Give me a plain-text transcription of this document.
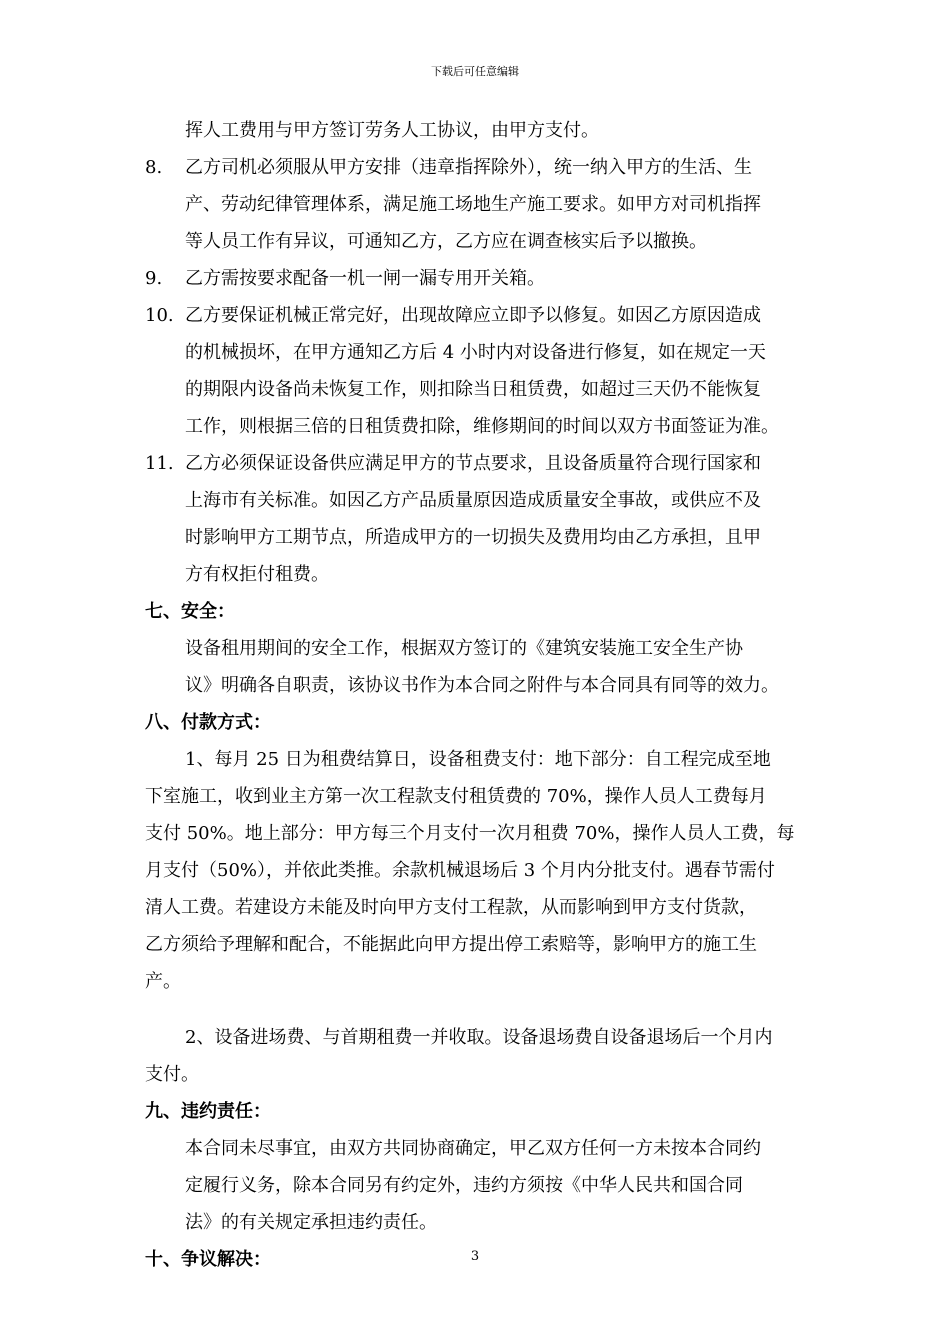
下载后可任意编辑
挥人工费用与甲方签订劳务人工协议，由甲方支付。
8. 乙方司机必须服从甲方安排（违章指挥除外），统一纳入甲方的生活、生
产、劳动纪律管理体系，满足施工场地生产施工要求。如甲方对司机指挥
等人员工作有异议，可通知乙方，乙方应在调查核实后予以撤换。
9. 乙方需按要求配备一机一闸一漏专用开关箱。
10. 乙方要保证机械正常完好，出现故障应立即予以修复。如因乙方原因造成
的机械损坏，在甲方通知乙方后 4 小时内对设备进行修复，如在规定一天
的期限内设备尚未恢复工作，则扣除当日租赁费，如超过三天仍不能恢复
工作，则根据三倍的日租赁费扣除，维修期间的时间以双方书面签证为准。
11. 乙方必须保证设备供应满足甲方的节点要求，且设备质量符合现行国家和
上海市有关标准。如因乙方产品质量原因造成质量安全事故，或供应不及
时影响甲方工期节点，所造成甲方的一切损失及费用均由乙方承担，且甲
方有权拒付租费。
七、安全：
设备租用期间的安全工作，根据双方签订的《建筑安装施工安全生产协
议》明确各自职责，该协议书作为本合同之附件与本合同具有同等的效力。
八、付款方式：
1、每月 25 日为租费结算日，设备租费支付：地下部分：自工程完成至地
下室施工，收到业主方第一次工程款支付租赁费的 70%，操作人员人工费每月
支付 50%。地上部分：甲方每三个月支付一次月租费 70%，操作人员人工费，每
月支付（50%），并依此类推。余款机械退场后 3 个月内分批支付。遇春节需付
清人工费。若建设方未能及时向甲方支付工程款，从而影响到甲方支付货款，
乙方须给予理解和配合，不能据此向甲方提出停工索赔等，影响甲方的施工生
产。
2、设备进场费、与首期租费一并收取。设备退场费自设备退场后一个月内
支付。
九、违约责任：
本合同未尽事宜，由双方共同协商确定，甲乙双方任何一方未按本合同约
定履行义务，除本合同另有约定外，违约方须按《中华人民共和国合同
法》的有关规定承担违约责任。
十、争议解决：	3
